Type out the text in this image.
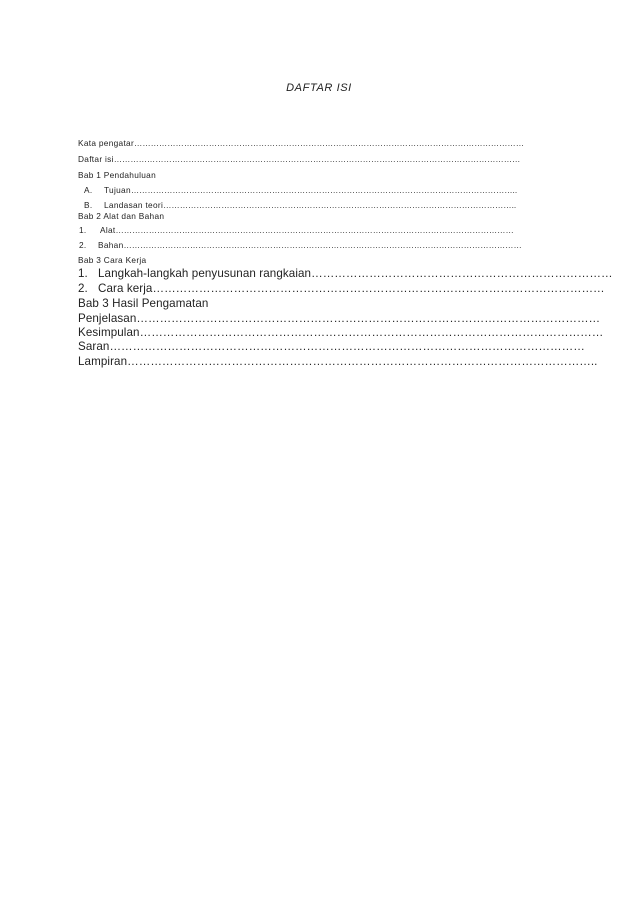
DAFTAR ISI
Kata pengatar……………………………………………………………………………………………………………………………
Daftar isi…………………………………………………………………………………………………………………………………
Bab 1 Pendahuluan
A. Tujuan…………………………………………………………………………………………………………………………..
B. Landasan teori………………………………………………………………………………………………………………..
Bab 2 Alat dan Bahan
1. Alat………………………………………………………………………………………………………………………………
2. Bahan………………………………………………………………………………………………………………………………
Bab 3 Cara Kerja
1. Langkah-langkah penyusunan rangkaian……………………………………………………………………
2. Cara kerja………………………………………………………………………………………………………
Bab 3 Hasil Pengamatan
Penjelasan…………………………………………………………………………………………………………
Kesimpulan…………………………………………………………………………………………………………
Saran……………………………………………………………………………………………………………
Lampiran…………………………………………………………………………………………………………..
